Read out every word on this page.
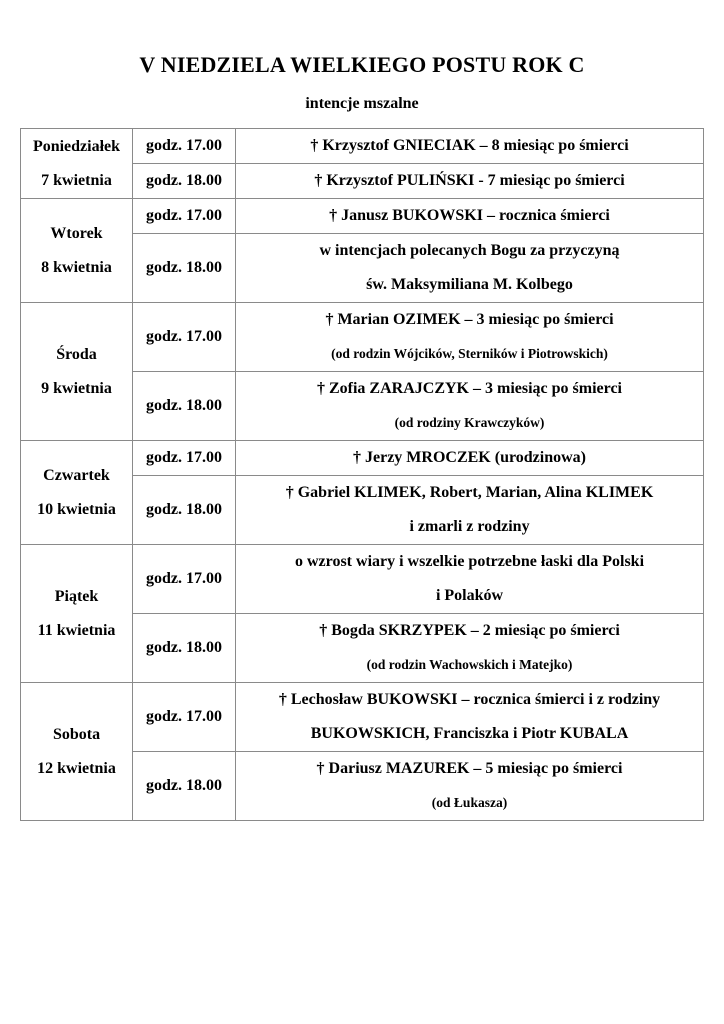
V NIEDZIELA WIELKIEGO POSTU ROK C
intencje mszalne
Poniedziałek
7 kwietnia	godz. 17.00	† Krzysztof GNIECIAK – 8 miesiąc po śmierci

	godz. 18.00	† Krzysztof PULIŃSKI - 7 miesiąc po śmierci

Wtorek
8 kwietnia	godz. 17.00	† Janusz BUKOWSKI – rocznica śmierci

	godz. 18.00	w intencjach polecanych Bogu za przyczyną
św. Maksymiliana M. Kolbego

Środa
9 kwietnia	godz. 17.00	† Marian OZIMEK – 3 miesiąc po śmierci
(od rodzin Wójcików, Sterników i Piotrowskich)

	godz. 18.00	† Zofia ZARAJCZYK – 3 miesiąc po śmierci
(od rodziny Krawczyków)

Czwartek
10 kwietnia	godz. 17.00	† Jerzy MROCZEK (urodzinowa)

	godz. 18.00	† Gabriel KLIMEK, Robert, Marian, Alina KLIMEK
i zmarli z rodziny

Piątek
11 kwietnia	godz. 17.00	o wzrost wiary i wszelkie potrzebne łaski dla Polski
i Polaków

	godz. 18.00	† Bogda SKRZYPEK – 2 miesiąc po śmierci
(od rodzin Wachowskich i Matejko)

Sobota
12 kwietnia	godz. 17.00	† Lechosław BUKOWSKI – rocznica śmierci i z rodziny
BUKOWSKICH, Franciszka i Piotr KUBALA

	godz. 18.00	† Dariusz MAZUREK – 5 miesiąc po śmierci
(od Łukasza)
